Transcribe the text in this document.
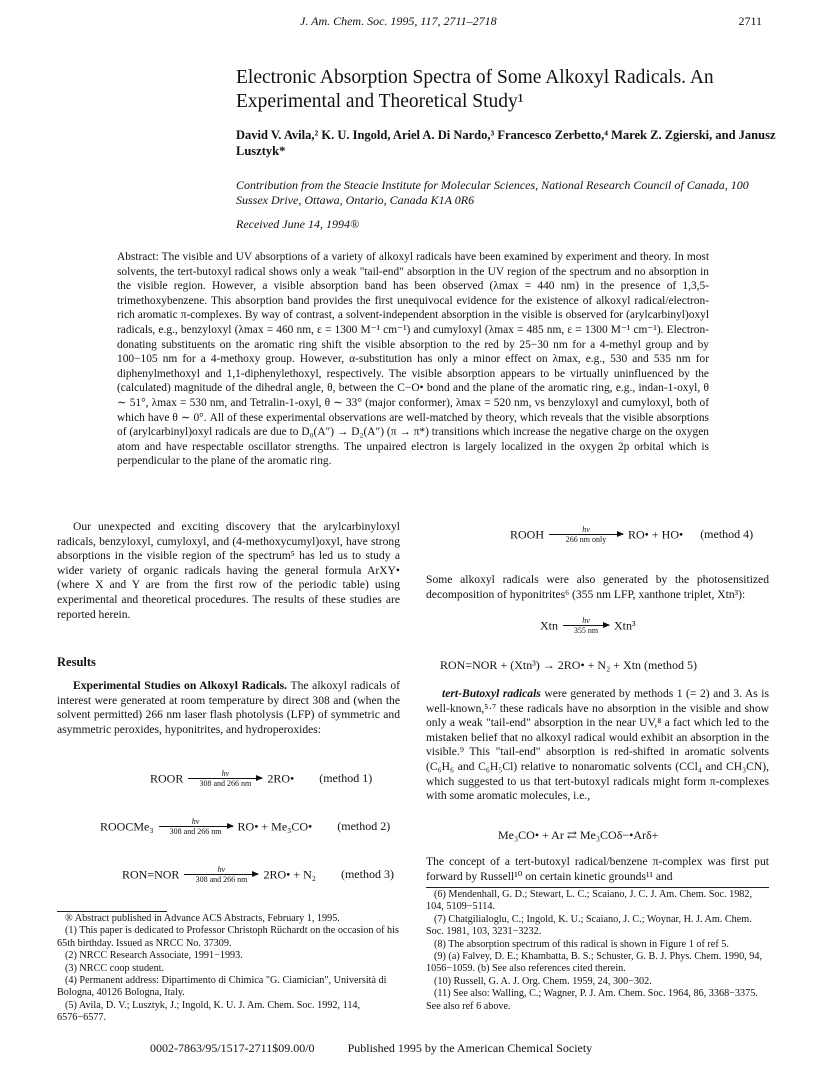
J. Am. Chem. Soc. 1995, 117, 2711–2718	2711
Electronic Absorption Spectra of Some Alkoxyl Radicals. An Experimental and Theoretical Study¹
David V. Avila,² K. U. Ingold, Ariel A. Di Nardo,³ Francesco Zerbetto,⁴ Marek Z. Zgierski, and Janusz Lusztyk*
Contribution from the Steacie Institute for Molecular Sciences, National Research Council of Canada, 100 Sussex Drive, Ottawa, Ontario, Canada K1A 0R6
Received June 14, 1994®
Abstract: The visible and UV absorptions of a variety of alkoxyl radicals have been examined by experiment and theory. In most solvents, the tert-butoxyl radical shows only a weak "tail-end" absorption in the UV region of the spectrum and no absorption in the visible region. However, a visible absorption band has been observed (λmax = 440 nm) in the presence of 1,3,5-trimethoxybenzene. This absorption band provides the first unequivocal evidence for the existence of alkoxyl radical/electron-rich aromatic π-complexes. By way of contrast, a solvent-independent absorption in the visible is observed for (arylcarbinyl)oxyl radicals, e.g., benzyloxyl (λmax = 460 nm, ε = 1300 M⁻¹ cm⁻¹) and cumyloxyl (λmax = 485 nm, ε = 1300 M⁻¹ cm⁻¹). Electron-donating substituents on the aromatic ring shift the visible absorption to the red by 25−30 nm for a 4-methyl group and by 100−105 nm for a 4-methoxy group. However, α-substitution has only a minor effect on λmax, e.g., 530 and 535 nm for diphenylmethoxyl and 1,1-diphenylethoxyl, respectively. The visible absorption appears to be virtually uninfluenced by the (calculated) magnitude of the dihedral angle, θ, between the C−O• bond and the plane of the aromatic ring, e.g., indan-1-oxyl, θ ∼ 51°, λmax = 530 nm, and Tetralin-1-oxyl, θ ∼ 33° (major conformer), λmax = 520 nm, vs benzyloxyl and cumyloxyl, both of which have θ ∼ 0°. All of these experimental observations are well-matched by theory, which reveals that the visible absorptions of (arylcarbinyl)oxyl radicals are due to D₀(A″) → D₂(A″) (π → π*) transitions which increase the negative charge on the oxygen atom and have respectable oscillator strengths. The unpaired electron is largely localized in the oxygen 2p orbital which is perpendicular to the plane of the aromatic ring.

Our unexpected and exciting discovery that the arylcarbinyloxyl radicals, benzyloxyl, cumyloxyl, and (4-methoxycumyl)oxyl, have strong absorptions in the visible region of the spectrum⁵ has led us to study a wider variety of organic radicals having the general formula ArXY• (where X and Y are from the first row of the periodic table) using experimental and theoretical procedures. The results of these studies are reported herein.

Results

Experimental Studies on Alkoxyl Radicals. The alkoxyl radicals of interest were generated at room temperature by direct 308 and (when the solvent permitted) 266 nm laser flash photolysis (LFP) of symmetric and asymmetric peroxides, hyponitrites, and hydroperoxides:

ROOR	hv
308 and 266 nm	2RO• (method 1)
ROOCMe₃	hv
308 and 266 nm	RO• + Me₃CO• (method 2)
RON=NOR	hv
308 and 266 nm	2RO• + N₂ (method 3)
® Abstract published in Advance ACS Abstracts, February 1, 1995.
(1) This paper is dedicated to Professor Christoph Rüchardt on the occasion of his 65th birthday. Issued as NRCC No. 37309.
(2) NRCC Research Associate, 1991−1993.
(3) NRCC coop student.
(4) Permanent address: Dipartimento di Chimica "G. Ciamician", Università di Bologna, 40126 Bologna, Italy.
(5) Avila, D. V.; Lusztyk, J.; Ingold, K. U. J. Am. Chem. Soc. 1992, 114, 6576−6577.
ROOH	hv
266 nm only	RO• + HO• (method 4)

Some alkoxyl radicals were also generated by the photosensitized decomposition of hyponitrites⁶ (355 nm LFP, xanthone triplet, Xtn³):

Xtn $\frac{hv}{355 nm} Xtn^3$
RON=NOR + (Xtn³) → 2RO• + N₂ + Xtn (method 5)

tert-Butoxyl radicals were generated by methods 1 (= 2) and 3. As is well-known,⁵·⁷ these radicals have no absorption in the visible and show only a weak "tail-end" absorption in the near UV,⁸ a fact which led to the mistaken belief that no alkoxyl radical would exhibit an absorption in the visible.⁹ This "tail-end" absorption is red-shifted in aromatic solvents (C₆H₆ and C₆H₅Cl) relative to nonaromatic solvents (CCl₄ and CH₃CN), which suggested to us that tert-butoxyl radicals might form π-complexes with some aromatic molecules, i.e.,

Me₃CO• + Ar ⇄ Me₃COδ−•Arδ+

The concept of a tert-butoxyl radical/benzene π-complex was first put forward by Russell¹⁰ on certain kinetic grounds¹¹ and

(6) Mendenhall, G. D.; Stewart, L. C.; Scaiano, J. C. J. Am. Chem. Soc. 1982, 104, 5109−5114.
(7) Chatgilialoglu, C.; Ingold, K. U.; Scaiano, J. C.; Woynar, H. J. Am. Chem. Soc. 1981, 103, 3231−3232.
(8) The absorption spectrum of this radical is shown in Figure 1 of ref 5.
(9) (a) Falvey, D. E.; Khambatta, B. S.; Schuster, G. B. J. Phys. Chem. 1990, 94, 1056−1059. (b) See also references cited therein.
(10) Russell, G. A. J. Org. Chem. 1959, 24, 300−302.
(11) See also: Walling, C.; Wagner, P. J. Am. Chem. Soc. 1964, 86, 3368−3375. See also ref 6 above.
0002-7863/95/1517-2711$09.00/0	Published 1995 by the American Chemical Society
